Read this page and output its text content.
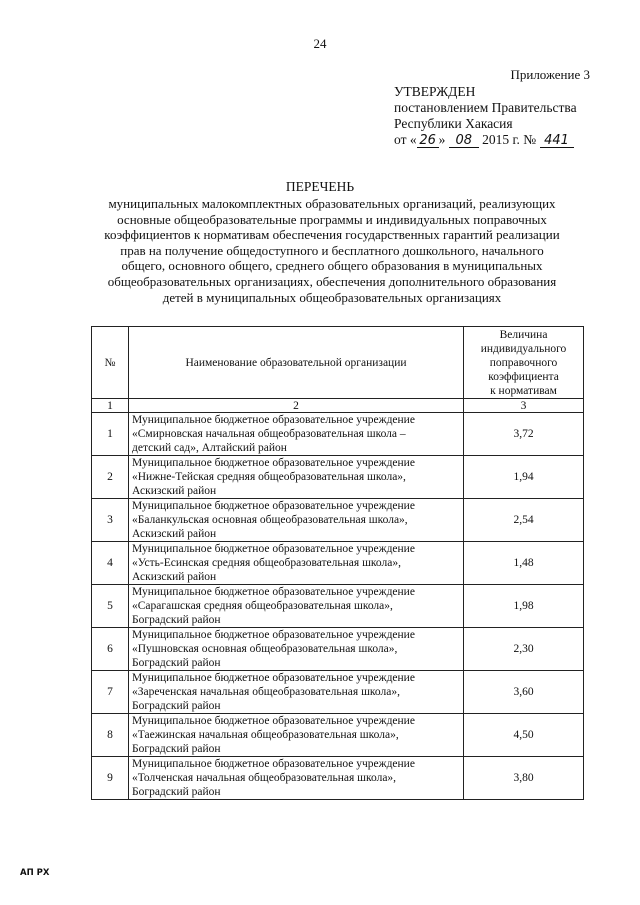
24
Приложение 3
УТВЕРЖДЕН
постановлением Правительства
Республики Хакасия
от « 26 » 08 2015 г. № 441
ПЕРЕЧЕНЬ
муниципальных малокомплектных образовательных организаций, реализующих
основные общеобразовательные программы и индивидуальных поправочных
коэффициентов к нормативам обеспечения государственных гарантий реализации
прав на получение общедоступного и бесплатного дошкольного, начального
общего, основного общего, среднего общего образования в муниципальных
общеобразовательных организациях, обеспечения дополнительного образования
детей в муниципальных общеобразовательных организациях
№	Наименование образовательной организации	Величина
индивидуального
поправочного
коэффициента
к нормативам

1	2	3
1	Муниципальное бюджетное образовательное учреждение
«Смирновская начальная общеобразовательная школа –
детский сад», Алтайский район	3,72
2	Муниципальное бюджетное образовательное учреждение
«Нижне-Тейская средняя общеобразовательная школа»,
Аскизский район	1,94
3	Муниципальное бюджетное образовательное учреждение
«Баланкульская основная общеобразовательная школа»,
Аскизский район	2,54
4	Муниципальное бюджетное образовательное учреждение
«Усть-Есинская средняя общеобразовательная школа»,
Аскизский район	1,48
5	Муниципальное бюджетное образовательное учреждение
«Сарагашская средняя общеобразовательная школа»,
Боградский район	1,98
6	Муниципальное бюджетное образовательное учреждение
«Пушновская основная общеобразовательная школа»,
Боградский район	2,30
7	Муниципальное бюджетное образовательное учреждение
«Зареченская начальная общеобразовательная школа»,
Боградский район	3,60
8	Муниципальное бюджетное образовательное учреждение
«Таежинская начальная общеобразовательная школа»,
Боградский район	4,50
9	Муниципальное бюджетное образовательное учреждение
«Толченская начальная общеобразовательная школа»,
Боградский район	3,80
АП РХ
